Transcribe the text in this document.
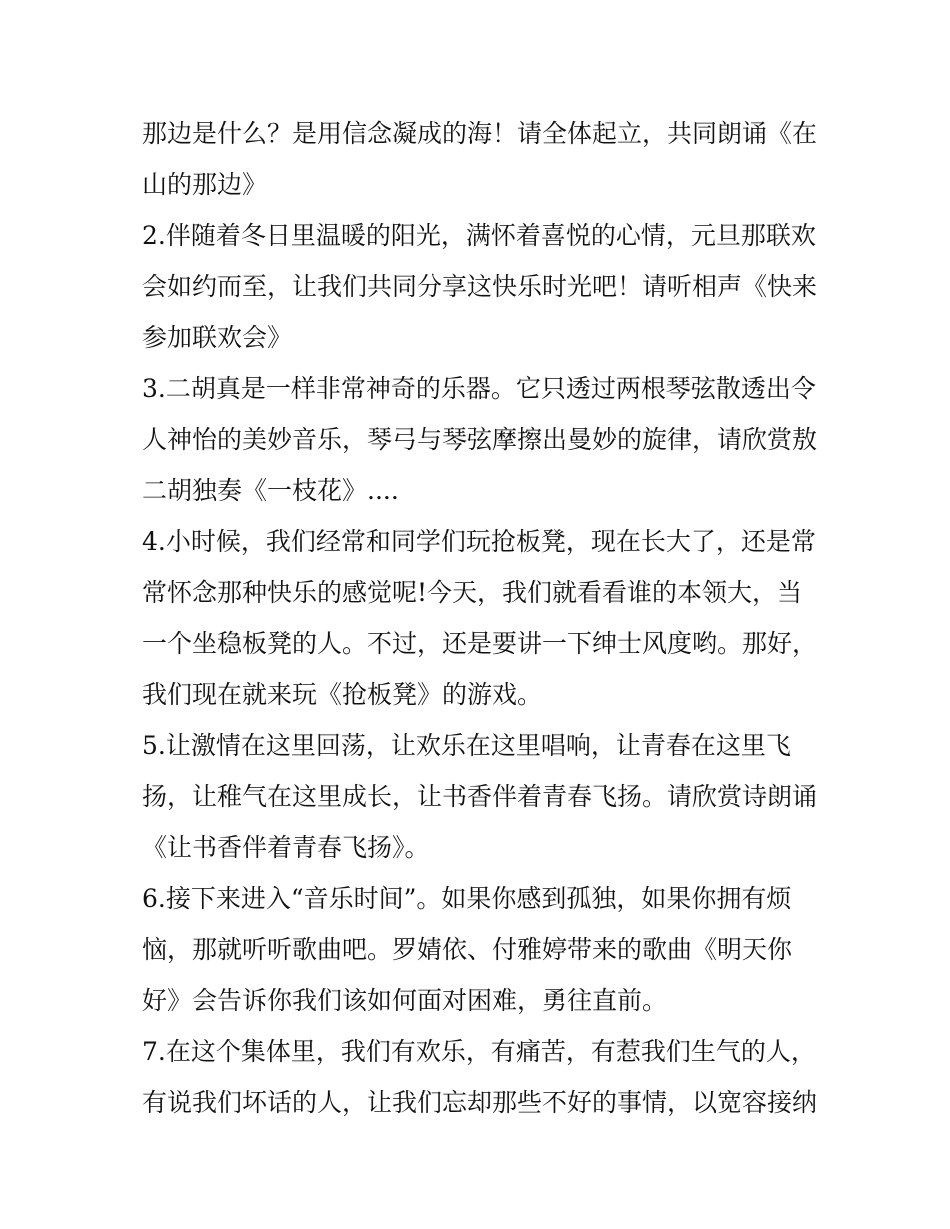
那边是什么？是用信念凝成的海！请全体起立，共同朗诵《在
山的那边》
2.伴随着冬日里温暖的阳光，满怀着喜悦的心情，元旦那联欢
会如约而至，让我们共同分享这快乐时光吧！请听相声《快来
参加联欢会》
3.二胡真是一样非常神奇的乐器。它只透过两根琴弦散透出令
人神怡的美妙音乐，琴弓与琴弦摩擦出曼妙的旋律，请欣赏敖
二胡独奏《一枝花》....
4.小时候，我们经常和同学们玩抢板凳，现在长大了，还是常
常怀念那种快乐的感觉呢!今天，我们就看看谁的本领大，当
一个坐稳板凳的人。不过，还是要讲一下绅士风度哟。那好，
我们现在就来玩《抢板凳》的游戏。
5.让激情在这里回荡，让欢乐在这里唱响，让青春在这里飞
扬，让稚气在这里成长，让书香伴着青春飞扬。请欣赏诗朗诵
《让书香伴着青春飞扬》。
6.接下来进入“音乐时间”。如果你感到孤独，如果你拥有烦
恼，那就听听歌曲吧。罗婧依、付雅婷带来的歌曲《明天你
好》会告诉你我们该如何面对困难，勇往直前。
7.在这个集体里，我们有欢乐，有痛苦，有惹我们生气的人，
有说我们坏话的人，让我们忘却那些不好的事情，以宽容接纳
